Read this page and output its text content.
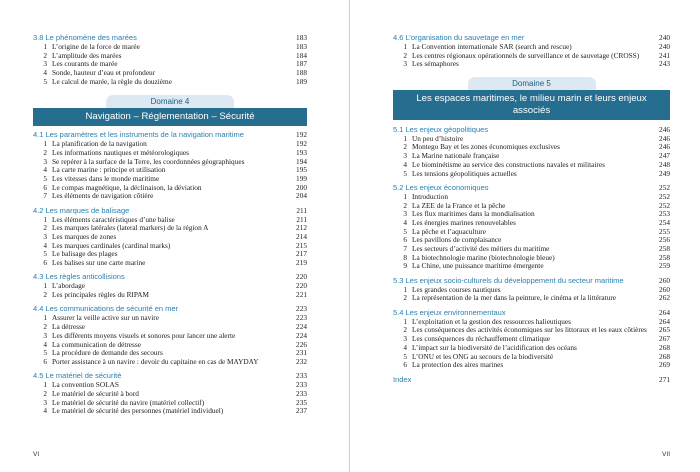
3.8 Le phénomène des marées	183
1 L’origine de la force de marée	183
2 L’amplitude des marées	184
3 Les courants de marée	187
4 Sonde, hauteur d’eau et profondeur	188
5 Le calcul de marée, la règle du douzième	189
Domaine 4
Navigation – Réglementation – Sécurité
4.1 Les paramètres et les instruments de la navigation maritime	192
1 La planification de la navigation	192
2 Les informations nautiques et météorologiques	193
3 Se repérer à la surface de la Terre, les coordonnées géographiques	194
4 La carte marine : principe et utilisation	195
5 Les vitesses dans le monde maritime	199
6 Le compas magnétique, la déclinaison, la déviation	200
7 Les éléments de navigation côtière	204
4.2 Les marques de balisage	211
1 Les éléments caractéristiques d’une balise	211
2 Les marques latérales (lateral markers) de la région A	212
3 Les marques de zones	214
4 Les marques cardinales (cardinal marks)	215
5 Le balisage des plages	217
6 Les balises sur une carte marine	219
4.3 Les règles anticollisions	220
1 L’abordage	220
2 Les principales règles du RIPAM	221
4.4 Les communications de sécurité en mer	223
1 Assurer la veille active sur un navire	223
2 La détresse	224
3 Les différents moyens visuels et sonores pour lancer une alerte	224
4 La communication de détresse	226
5 La procédure de demande des secours	231
6 Porter assistance à un navire : devoir du capitaine en cas de MAYDAY	232
4.5 Le matériel de sécurité	233
1 La convention SOLAS	233
2 Le matériel de sécurité à bord	233
3 Le matériel de sécurité du navire (matériel collectif)	235
4 Le matériel de sécurité des personnes (matériel individuel)	237
VI
4.6 L’organisation du sauvetage en mer	240
1 La Convention internationale SAR (search and rescue)	240
2 Les centres régionaux opérationnels de surveillance et de sauvetage (CROSS)	241
3 Les sémaphores	243
Domaine 5
Les espaces maritimes, le milieu marin et leurs enjeux associés
5.1 Les enjeux géopolitiques	246
1 Un peu d’histoire	246
2 Montego Bay et les zones économiques exclusives	246
3 La Marine nationale française	247
4 Le biominétisme au service des constructions navales et militaires	248
5 Les tensions géopolitiques actuelles	249
5.2 Les enjeux économiques	252
1 Introduction	252
2 La ZEE de la France et la pêche	252
3 Les flux maritimes dans la mondialisation	253
4 Les énergies marines renouvelables	254
5 La pêche et l’aquaculture	255
6 Les pavillons de complaisance	256
7 Les secteurs d’activité des métiers du maritime	258
8 La biotechnologie marine (biotechnologie bleue)	258
9 La Chine, une puissance maritime émergente	259
5.3 Les enjeux socio-culturels du développement du secteur maritime	260
1 Les grandes courses nautiques	260
2 La représentation de la mer dans la peinture, le cinéma et la littérature	262
5.4 Les enjeux environnementaux	264
1 L’exploitation et la gestion des ressources halieutiques	264
2 Les conséquences des activités économiques sur les littoraux et les eaux côtières	265
3 Les conséquences du réchauffement climatique	267
4 L’impact sur la biodiversité de l’acidification des océans	268
5 L’ONU et les ONG au secours de la biodiversité	268
6 La protection des aires marines	269
Index	271
VII
